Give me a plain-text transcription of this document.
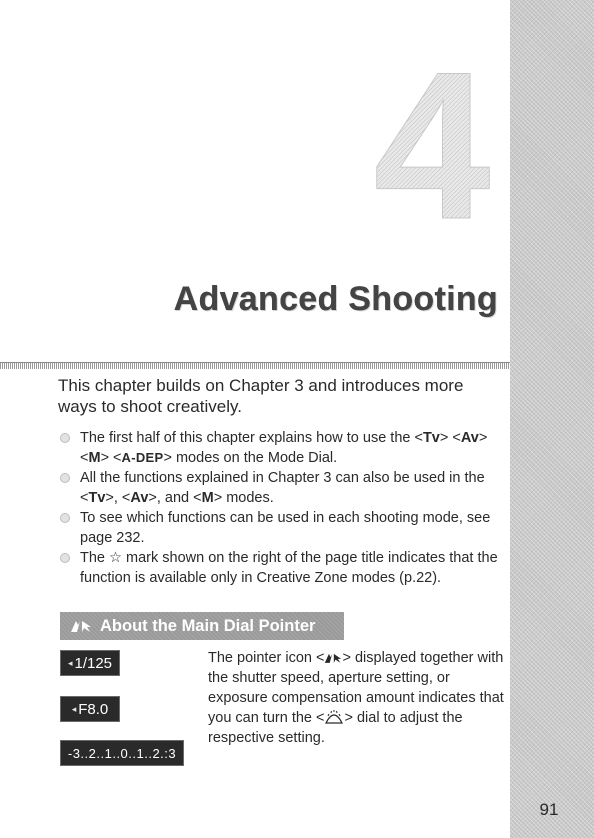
4
Advanced Shooting

This chapter builds on Chapter 3 and introduces more ways to shoot creatively.

The first half of this chapter explains how to use the <Tv> <Av> <M> <A-DEP> modes on the Mode Dial.
All the functions explained in Chapter 3 can also be used in the <Tv>, <Av>, and <M> modes.
To see which functions can be used in each shooting mode, see page 232.
The ☆ mark shown on the right of the page title indicates that the function is available only in Creative Zone modes (p.22).
About the Main Dial Pointer
◂ 1/125
◂ F8.0
-3..2..1..0..1..2.:3

The pointer icon < > displayed together with the shutter speed, aperture setting, or exposure compensation amount indicates that you can turn the < > dial to adjust the respective setting.

91
